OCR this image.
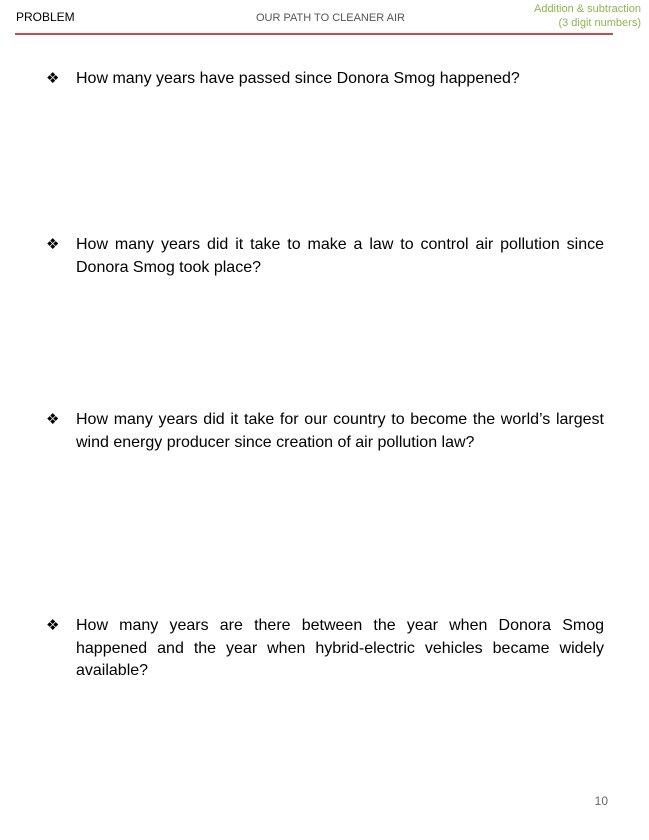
PROBLEM	OUR PATH TO CLEANER AIR
Addition & subtraction
(3 digit numbers)
❖	How many years have passed since Donora Smog happened?
❖	How many years did it take to make a law to control air pollution since Donora Smog took place?
❖	How many years did it take for our country to become the world’s largest wind energy producer since creation of air pollution law?
❖	How many years are there between the year when Donora Smog happened and the year when hybrid-electric vehicles became widely available?
10
